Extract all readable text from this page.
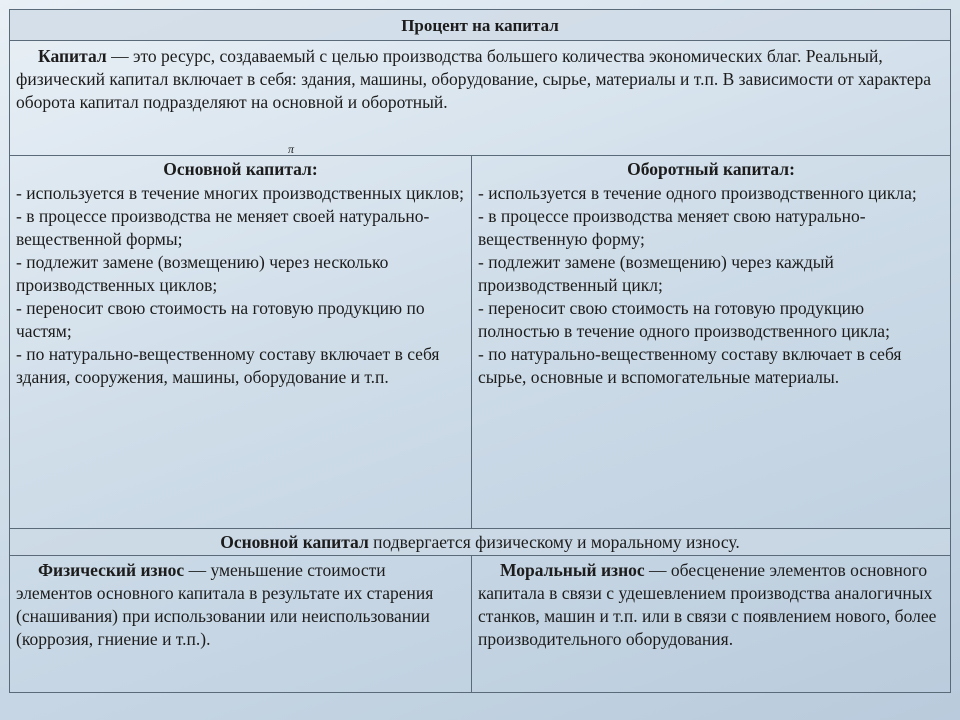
Процент на капитал
Капитал — это ресурс, создаваемый с целью производства большего количества экономических благ. Реальный, физический капитал включает в себя: здания, машины, оборудование, сырье, материалы и т.п. В зависимости от характера оборота капитал подразделяют на основной и оборотный.
π
Основной капитал:
- используется в течение многих производственных циклов;
- в процессе производства не меняет своей натурально-вещественной формы;
- подлежит замене (возмещению) через несколько производственных циклов;
- переносит свою стоимость на готовую продукцию по частям;
- по натурально-вещественному составу включает в себя здания, сооружения, машины, оборудование и т.п.
Оборотный капитал:
- используется в течение одного производственного цикла;
- в процессе производства меняет свою натурально-вещественную форму;
- подлежит замене (возмещению) через каждый производственный цикл;
- переносит свою стоимость на готовую продукцию полностью в течение одного производственного цикла;
- по натурально-вещественному составу включает в себя сырье, основные и вспомогательные материалы.
Основной капитал подвергается физическому и моральному износу.
Физический износ — уменьшение стоимости элементов основного капитала в результате их старения (снашивания) при использовании или неиспользовании (коррозия, гниение и т.п.).
Моральный износ — обесценение элементов основного капитала в связи с удешевлением производства аналогичных станков, машин и т.п. или в связи с появлением нового, более производительного оборудования.
